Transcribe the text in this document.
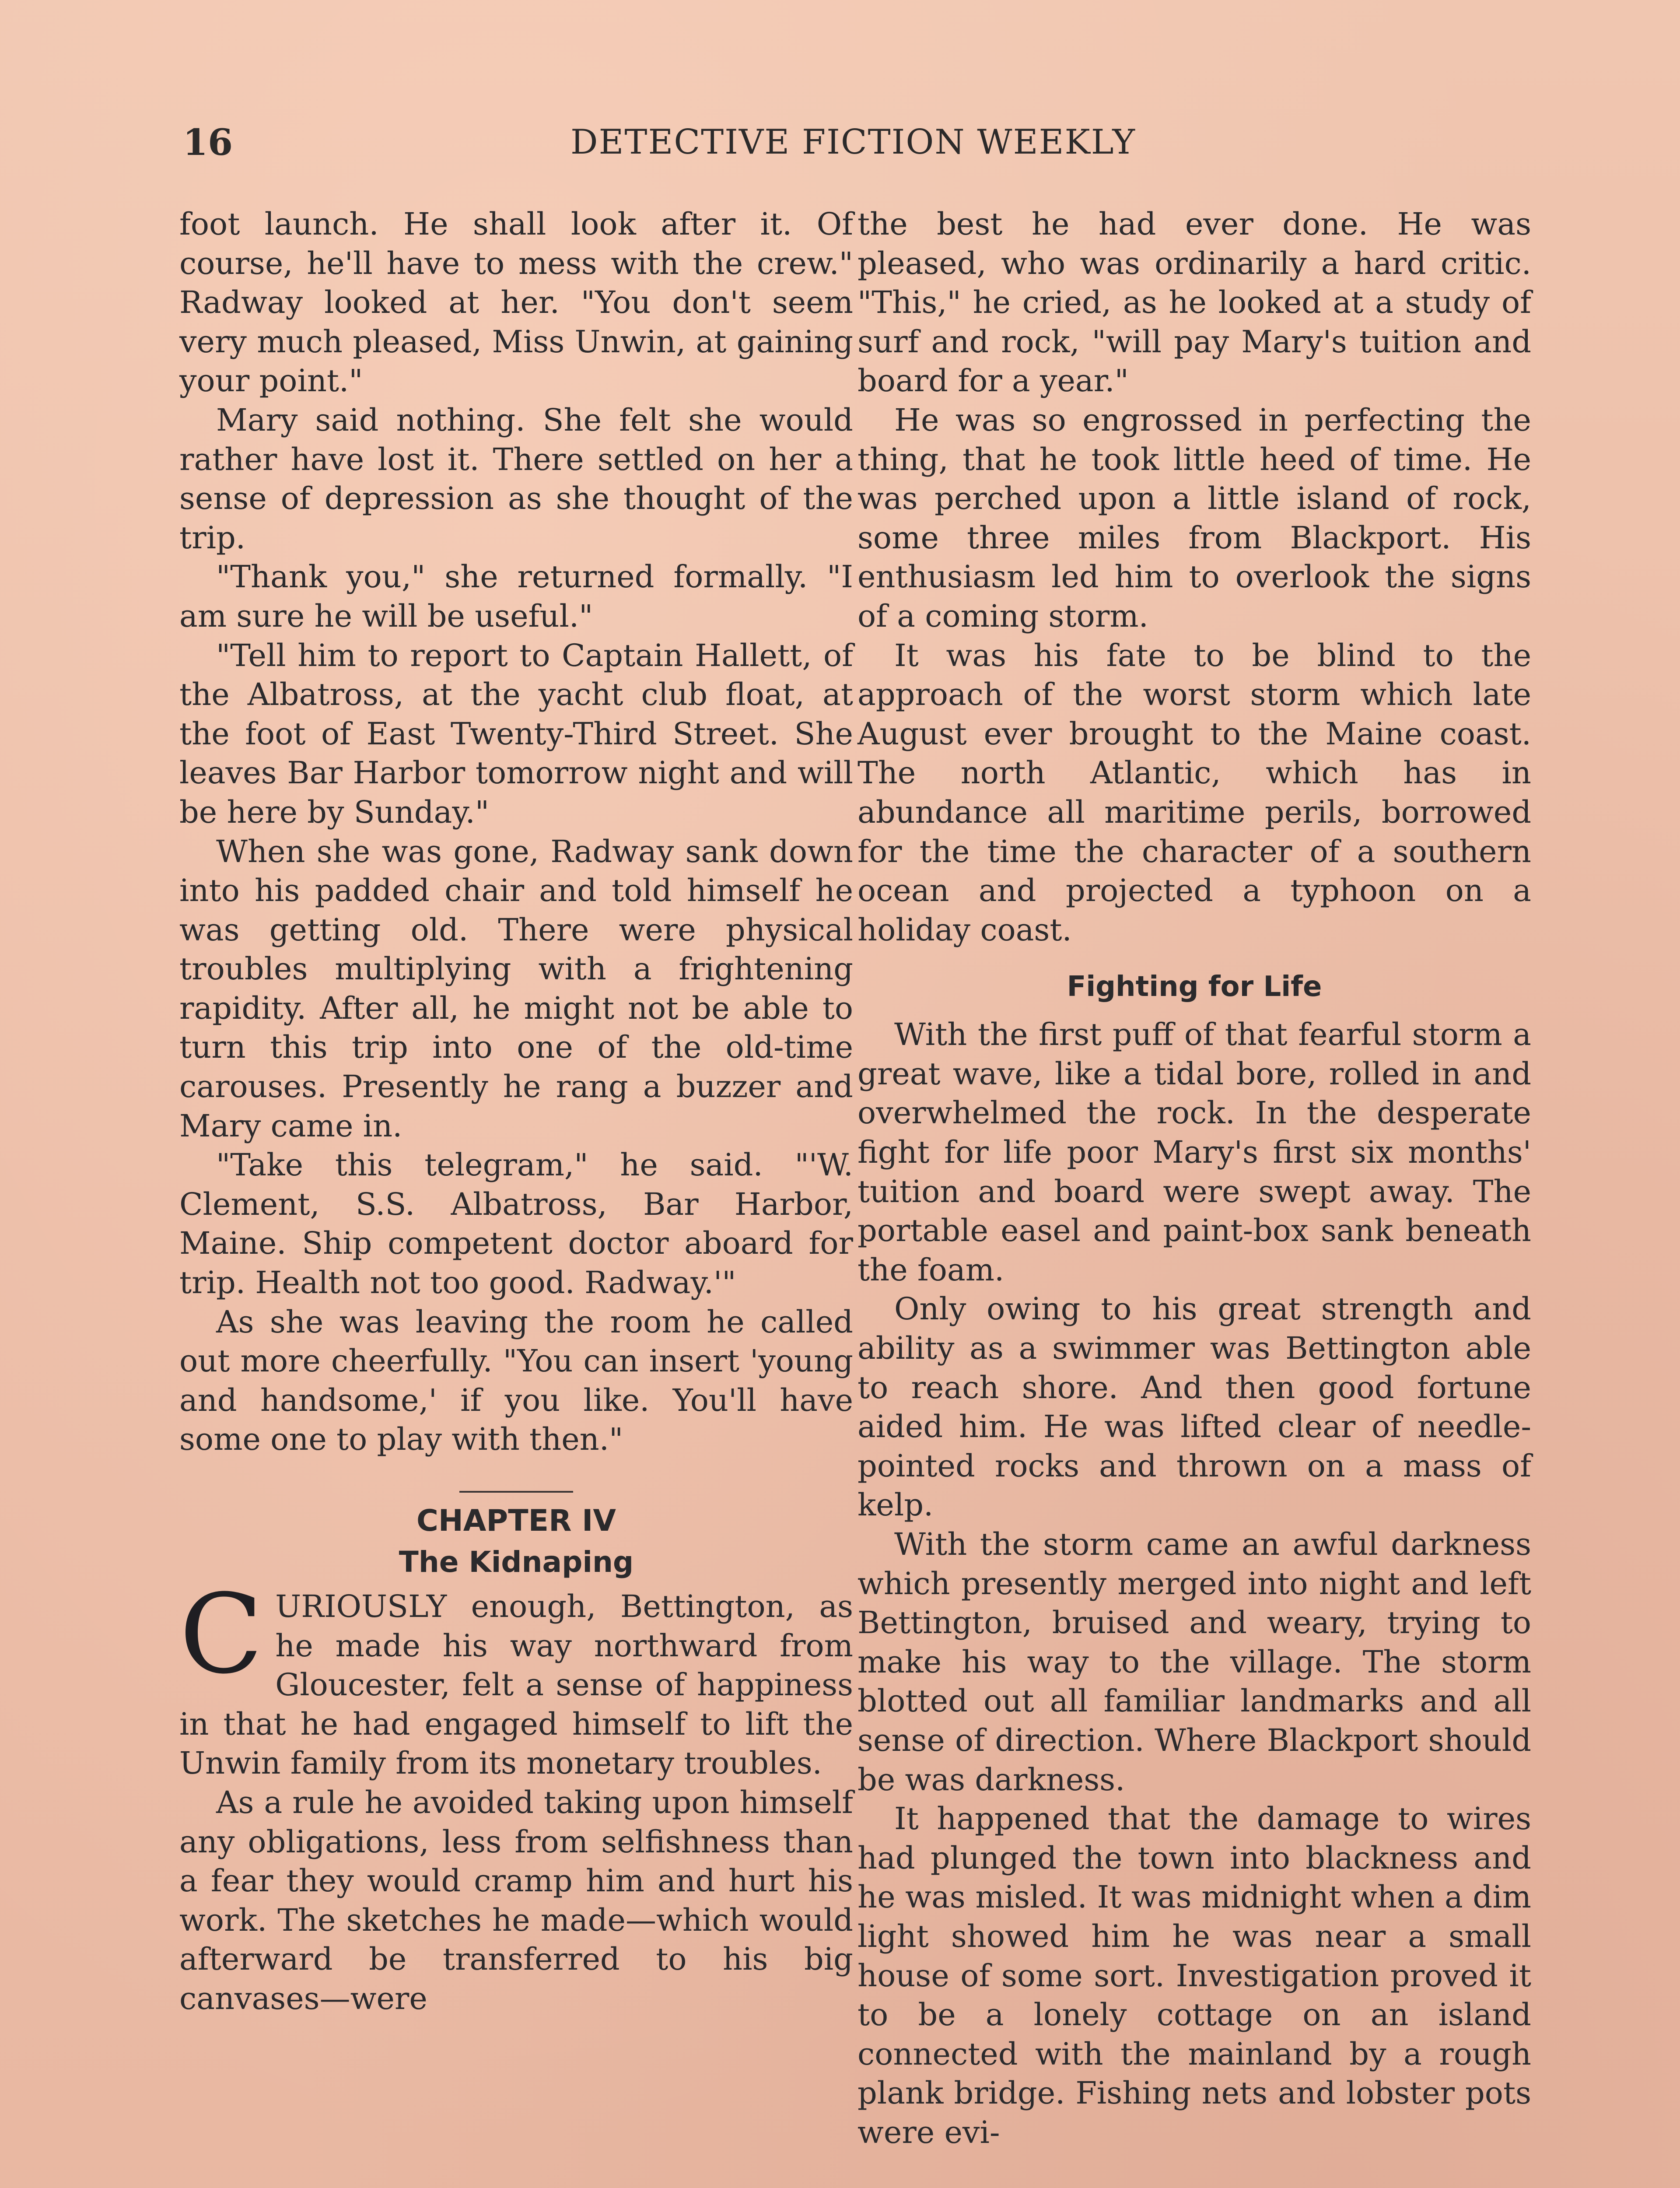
16	DETECTIVE FICTION WEEKLY

foot launch. He shall look after it. Of course, he'll have to mess with the crew." Radway looked at her. "You don't seem very much pleased, Miss Unwin, at gaining your point."

Mary said nothing. She felt she would rather have lost it. There settled on her a sense of depression as she thought of the trip.

"Thank you," she returned formally. "I am sure he will be useful."

"Tell him to report to Captain Hallett, of the Albatross, at the yacht club float, at the foot of East Twenty-Third Street. She leaves Bar Harbor tomorrow night and will be here by Sunday."

When she was gone, Radway sank down into his padded chair and told himself he was getting old. There were physical troubles multiplying with a frightening rapidity. After all, he might not be able to turn this trip into one of the old-time carouses. Presently he rang a buzzer and Mary came in.

"Take this telegram," he said. "'W. Clement, S.S. Albatross, Bar Harbor, Maine. Ship competent doctor aboard for trip. Health not too good. Radway.'"

As she was leaving the room he called out more cheerfully. "You can insert 'young and handsome,' if you like. You'll have some one to play with then."

CHAPTER IV
The Kidnaping

CURIOUSLY enough, Bettington, as he made his way northward from Gloucester, felt a sense of happiness in that he had engaged himself to lift the Unwin family from its monetary troubles.

As a rule he avoided taking upon himself any obligations, less from selfishness than a fear they would cramp him and hurt his work. The sketches he made—which would afterward be transferred to his big canvases—were

the best he had ever done. He was pleased, who was ordinarily a hard critic. "This," he cried, as he looked at a study of surf and rock, "will pay Mary's tuition and board for a year."

He was so engrossed in perfecting the thing, that he took little heed of time. He was perched upon a little island of rock, some three miles from Blackport. His enthusiasm led him to overlook the signs of a coming storm.

It was his fate to be blind to the approach of the worst storm which late August ever brought to the Maine coast. The north Atlantic, which has in abundance all maritime perils, borrowed for the time the character of a southern ocean and projected a typhoon on a holiday coast.

Fighting for Life

With the first puff of that fearful storm a great wave, like a tidal bore, rolled in and overwhelmed the rock. In the desperate fight for life poor Mary's first six months' tuition and board were swept away. The portable easel and paint-box sank beneath the foam.

Only owing to his great strength and ability as a swimmer was Bettington able to reach shore. And then good fortune aided him. He was lifted clear of needle-pointed rocks and thrown on a mass of kelp.

With the storm came an awful darkness which presently merged into night and left Bettington, bruised and weary, trying to make his way to the village. The storm blotted out all familiar landmarks and all sense of direction. Where Blackport should be was darkness.

It happened that the damage to wires had plunged the town into blackness and he was misled. It was midnight when a dim light showed him he was near a small house of some sort. Investigation proved it to be a lonely cottage on an island connected with the mainland by a rough plank bridge. Fishing nets and lobster pots were evi-
